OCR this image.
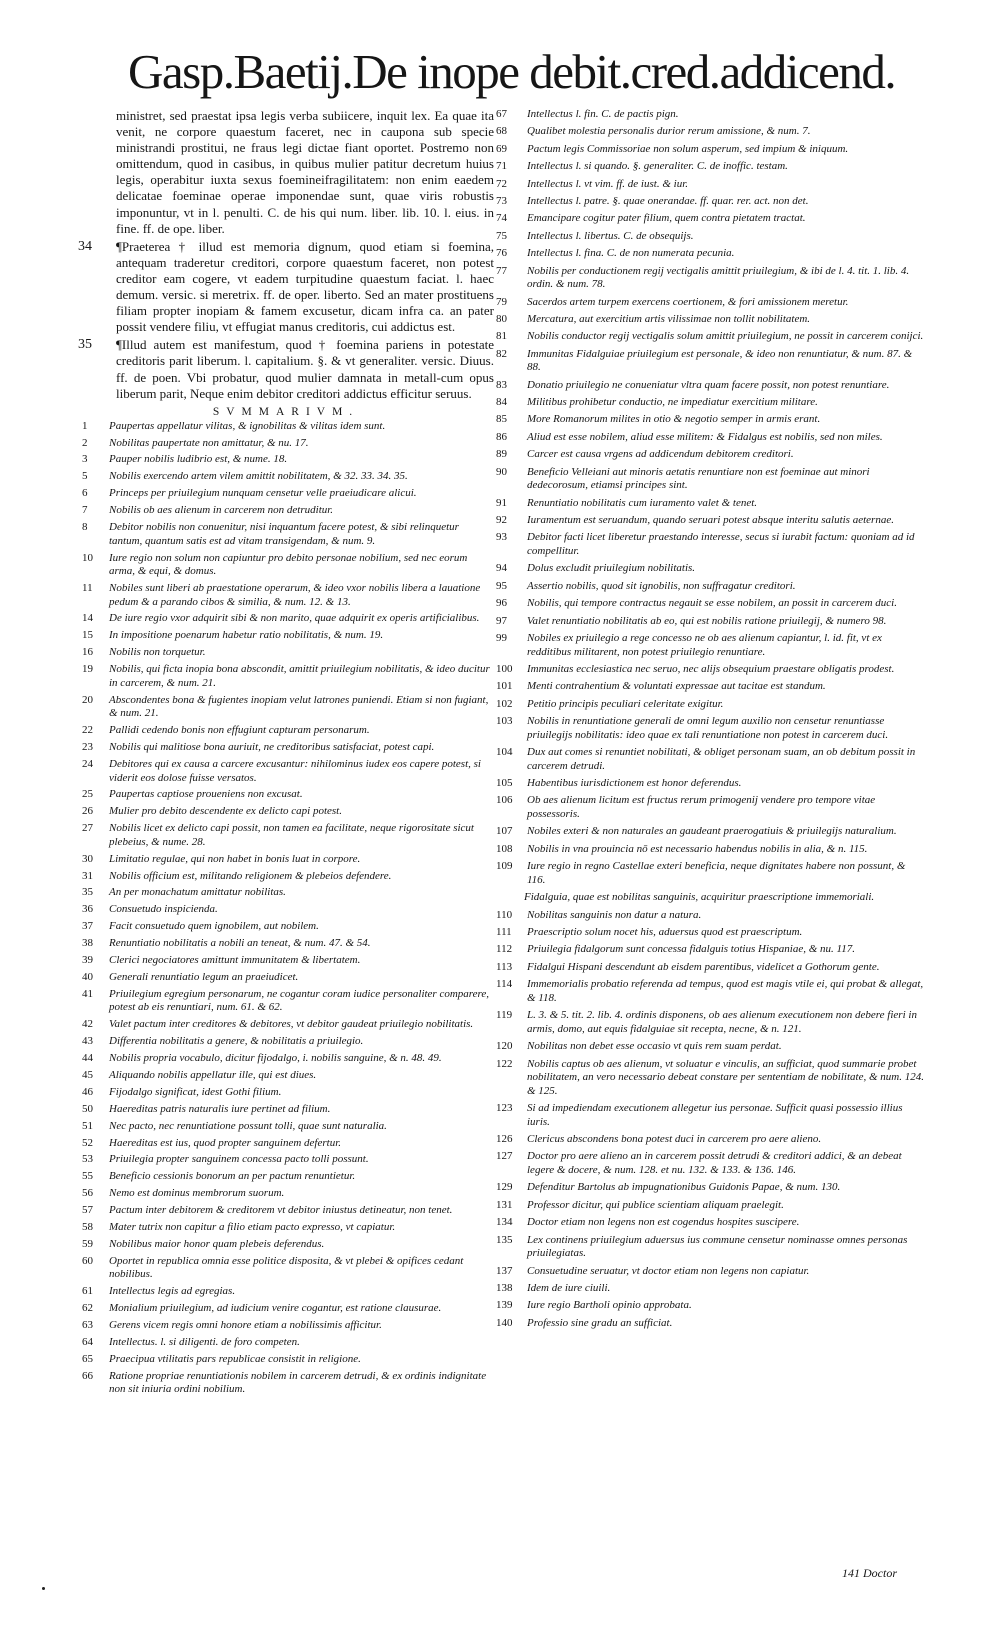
Gasp.Baetij.De inope debit.cred.addicend.

ministret, sed praestat ipsa legis verba subiicere, inquit lex. Ea quae ita venit, ne corpore quaestum faceret, nec in caupona sub specie ministrandi prostitui, ne fraus legi dictae fiant oportet. Postremo non omittendum, quod in casibus, in quibus mulier patitur decretum huius legis, operabitur iuxta sexus foemineifragilitatem: non enim eaedem delicatae foeminae operae imponendae sunt, quae viris robustis imponuntur, vt in l. penulti. C. de his qui num. liber. lib. 10. l. eius. in fine. ff. de ope. liber.

34 ¶Praeterea † illud est memoria dignum, quod etiam si foemina, antequam traderetur creditori, corpore quaestum faceret, non potest creditor eam cogere, vt eadem turpitudine quaestum faciat. l. haec demum. versic. si meretrix. ff. de oper. liberto. Sed an mater prostituens filiam propter inopiam & famem excusetur, dicam infra ca. an pater possit vendere filiu, vt effugiat manus creditoris, cui addictus est.
35 ¶Illud autem est manifestum, quod † foemina pariens in potestate creditoris parit liberum. l. capitalium. §. & vt generaliter. versic. Diuus. ff. de poen. Vbi probatur, quod mulier damnata in metall-cum opus liberum parit, Neque enim debitor creditori addictus efficitur seruus.
SVMMARIVM.
1	Paupertas appellatur vilitas, & ignobilitas & vilitas idem sunt.
2	Nobilitas paupertate non amittatur, & nu. 17.
3	Pauper nobilis ludibrio est, & nume. 18.
5	Nobilis exercendo artem vilem amittit nobilitatem, & 32. 33. 34. 35.
6	Princeps per priuilegium nunquam censetur velle praeiudicare alicui.
7	Nobilis ob aes alienum in carcerem non detruditur.
8	Debitor nobilis non conuenitur, nisi inquantum facere potest, & sibi relinquetur tantum, quantum satis est ad vitam transigendam, & num. 9.
10	Iure regio non solum non capiuntur pro debito personae nobilium, sed nec eorum arma, & equi, & domus.
11	Nobiles sunt liberi ab praestatione operarum, & ideo vxor nobilis libera a lauatione pedum & a parando cibos & similia, & num. 12. & 13.
14	De iure regio vxor adquirit sibi & non marito, quae adquirit ex operis artificialibus.
15	In impositione poenarum habetur ratio nobilitatis, & num. 19.
16	Nobilis non torquetur.
19	Nobilis, qui ficta inopia bona abscondit, amittit priuilegium nobilitatis, & ideo ducitur in carcerem, & num. 21.
20	Abscondentes bona & fugientes inopiam velut latrones puniendi. Etiam si non fugiant, & num. 21.
22	Pallidi cedendo bonis non effugiunt capturam personarum.
23	Nobilis qui malitiose bona auriuit, ne creditoribus satisfaciat, potest capi.
24	Debitores qui ex causa a carcere excusantur: nihilominus iudex eos capere potest, si viderit eos dolose fuisse versatos.
25	Paupertas captiose proueniens non excusat.
26	Mulier pro debito descendente ex delicto capi potest.
27	Nobilis licet ex delicto capi possit, non tamen ea facilitate, neque rigorositate sicut plebeius, & nume. 28.
30	Limitatio regulae, qui non habet in bonis luat in corpore.
31	Nobilis officium est, militando religionem & plebeios defendere.
35	An per monachatum amittatur nobilitas.
36	Consuetudo inspicienda.
37	Facit consuetudo quem ignobilem, aut nobilem.
38	Renuntiatio nobilitatis a nobili an teneat, & num. 47. & 54.
39	Clerici negociatores amittunt immunitatem & libertatem.
40	Generali renuntiatio legum an praeiudicet.
41	Priuilegium egregium personarum, ne cogantur coram iudice personaliter comparere, potest ab eis renuntiari, num. 61. & 62.
42	Valet pactum inter creditores & debitores, vt debitor gaudeat priuilegio nobilitatis.
43	Differentia nobilitatis a genere, & nobilitatis a priuilegio.
44	Nobilis propria vocabulo, dicitur fijodalgo, i. nobilis sanguine, & n. 48. 49.
45	Aliquando nobilis appellatur ille, qui est diues.
46	Fijodalgo significat, idest Gothi filium.
50	Haereditas patris naturalis iure pertinet ad filium.
51	Nec pacto, nec renuntiatione possunt tolli, quae sunt naturalia.
52	Haereditas est ius, quod propter sanguinem defertur.
53	Priuilegia propter sanguinem concessa pacto tolli possunt.
55	Beneficio cessionis bonorum an per pactum renuntietur.
56	Nemo est dominus membrorum suorum.
57	Pactum inter debitorem & creditorem vt debitor iniustus detineatur, non tenet.
58	Mater tutrix non capitur a filio etiam pacto expresso, vt capiatur.
59	Nobilibus maior honor quam plebeis deferendus.
60	Oportet in republica omnia esse politice disposita, & vt plebei & opifices cedant nobilibus.
61	Intellectus legis ad egregias.
62	Monialium priuilegium, ad iudicium venire cogantur, est ratione clausurae.
63	Gerens vicem regis omni honore etiam a nobilissimis afficitur.
64	Intellectus. l. si diligenti. de foro competen.
65	Praecipua vtilitatis pars republicae consistit in religione.
66	Ratione propriae renuntiationis nobilem in carcerem detrudi, & ex ordinis indignitate non sit iniuria ordini nobilium.
67	Intellectus l. fin. C. de pactis pign.
68	Qualibet molestia personalis durior rerum amissione, & num. 7.
69	Pactum legis Commissoriae non solum asperum, sed impium & iniquum.
71	Intellectus l. si quando. §. generaliter. C. de inoffic. testam.
72	Intellectus l. vt vim. ff. de iust. & iur.
73	Intellectus l. patre. §. quae onerandae. ff. quar. rer. act. non det.
74	Emancipare cogitur pater filium, quem contra pietatem tractat.
75	Intellectus l. libertus. C. de obsequijs.
76	Intellectus l. fina. C. de non numerata pecunia.
77	Nobilis per conductionem regij vectigalis amittit priuilegium, & ibi de l. 4. tit. 1. lib. 4. ordin. & num. 78.
79	Sacerdos artem turpem exercens coertionem, & fori amissionem meretur.
80	Mercatura, aut exercitium artis vilissimae non tollit nobilitatem.
81	Nobilis conductor regij vectigalis solum amittit priuilegium, ne possit in carcerem conijci.
82	Immunitas Fidalguiae priuilegium est personale, & ideo non renuntiatur, & num. 87. & 88.
83	Donatio priuilegio ne conueniatur vltra quam facere possit, non potest renuntiare.
84	Militibus prohibetur conductio, ne impediatur exercitium militare.
85	More Romanorum milites in otio & negotio semper in armis erant.
86	Aliud est esse nobilem, aliud esse militem: & Fidalgus est nobilis, sed non miles.
89	Carcer est causa vrgens ad addicendum debitorem creditori.
90	Beneficio Velleiani aut minoris aetatis renuntiare non est foeminae aut minori dedecorosum, etiamsi principes sint.
91	Renuntiatio nobilitatis cum iuramento valet & tenet.
92	Iuramentum est seruandum, quando seruari potest absque interitu salutis aeternae.
93	Debitor facti licet liberetur praestando interesse, secus si iurabit factum: quoniam ad id compellitur.
94	Dolus excludit priuilegium nobilitatis.
95	Assertio nobilis, quod sit ignobilis, non suffragatur creditori.
96	Nobilis, qui tempore contractus negauit se esse nobilem, an possit in carcerem duci.
97	Valet renuntiatio nobilitatis ab eo, qui est nobilis ratione priuilegij, & numero 98.
99	Nobiles ex priuilegio a rege concesso ne ob aes alienum capiantur, l. id. fit, vt ex redditibus militarent, non potest priuilegio renuntiare.
100	Immunitas ecclesiastica nec seruo, nec alijs obsequium praestare obligatis prodest.
101	Menti contrahentium & voluntati expressae aut tacitae est standum.
102	Petitio principis peculiari celeritate exigitur.
103	Nobilis in renuntiatione generali de omni legum auxilio non censetur renuntiasse priuilegijs nobilitatis: ideo quae ex tali renuntiatione non potest in carcerem duci.
104	Dux aut comes si renuntiet nobilitati, & obliget personam suam, an ob debitum possit in carcerem detrudi.
105	Habentibus iurisdictionem est honor deferendus.
106	Ob aes alienum licitum est fructus rerum primogenij vendere pro tempore vitae possessoris.
107	Nobiles exteri & non naturales an gaudeant praerogatiuis & priuilegijs naturalium.
108	Nobilis in vna prouincia nō est necessario habendus nobilis in alia, & n. 115.
109	Iure regio in regno Castellae exteri beneficia, neque dignitates habere non possunt, & 116.
Fidalguia, quae est nobilitas sanguinis, acquiritur praescriptione immemoriali.
110	Nobilitas sanguinis non datur a natura.
111	Praescriptio solum nocet his, aduersus quod est praescriptum.
112	Priuilegia fidalgorum sunt concessa fidalguis totius Hispaniae, & nu. 117.
113	Fidalgui Hispani descendunt ab eisdem parentibus, videlicet a Gothorum gente.
114	Immemorialis probatio referenda ad tempus, quod est magis vtile ei, qui probat & allegat, & 118.
119	L. 3. & 5. tit. 2. lib. 4. ordinis disponens, ob aes alienum executionem non debere fieri in armis, domo, aut equis fidalguiae sit recepta, necne, & n. 121.
120	Nobilitas non debet esse occasio vt quis rem suam perdat.
122	Nobilis captus ob aes alienum, vt soluatur e vinculis, an sufficiat, quod summarie probet nobilitatem, an vero necessario debeat constare per sententiam de nobilitate, & num. 124. & 125.
123	Si ad impediendam executionem allegetur ius personae. Sufficit quasi possessio illius iuris.
126	Clericus abscondens bona potest duci in carcerem pro aere alieno.
127	Doctor pro aere alieno an in carcerem possit detrudi & creditori addici, & an debeat legere & docere, & num. 128. et nu. 132. & 133. & 136. 146.
129	Defenditur Bartolus ab impugnationibus Guidonis Papae, & num. 130.
131	Professor dicitur, qui publice scientiam aliquam praelegit.
134	Doctor etiam non legens non est cogendus hospites suscipere.
135	Lex continens priuilegium aduersus ius commune censetur nominasse omnes personas priuilegiatas.
137	Consuetudine seruatur, vt doctor etiam non legens non capiatur.
138	Idem de iure ciuili.
139	Iure regio Bartholi opinio approbata.
140	Professio sine gradu an sufficiat.
141 Doctor
